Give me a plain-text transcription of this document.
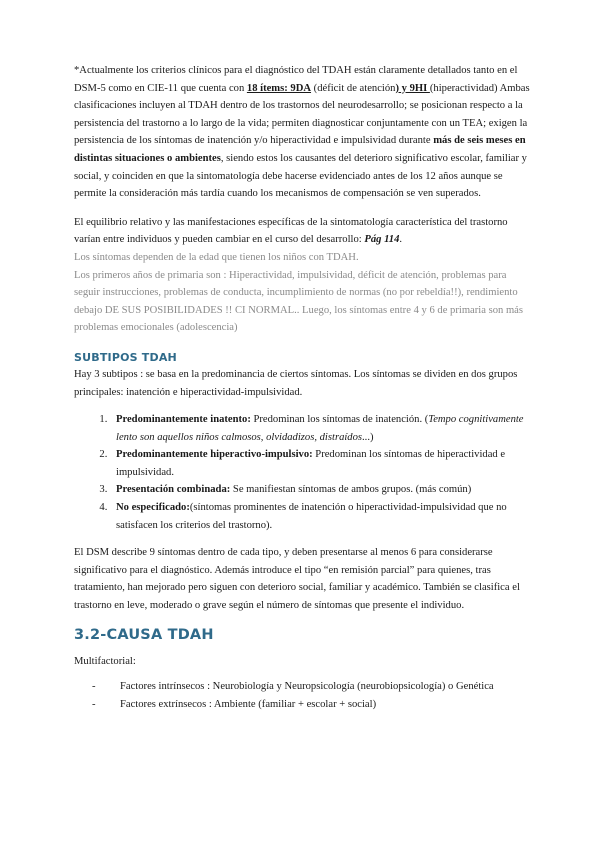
*Actualmente los criterios clínicos para el diagnóstico del TDAH están claramente detallados tanto en el DSM-5 como en CIE-11 que cuenta con 18 ítems: 9DA (déficit de atención) y 9HI (hiperactividad) Ambas clasificaciones incluyen al TDAH dentro de los trastornos del neurodesarrollo; se posicionan respecto a la persistencia del trastorno a lo largo de la vida; permiten diagnosticar conjuntamente con un TEA; exigen la persistencia de los síntomas de inatención y/o hiperactividad e impulsividad durante más de seis meses en distintas situaciones o ambientes, siendo estos los causantes del deterioro significativo escolar, familiar y social, y coinciden en que la sintomatología debe hacerse evidenciado antes de los 12 años aunque se permite la consideración más tardía cuando los mecanismos de compensación se ven superados.

El equilibrio relativo y las manifestaciones específicas de la sintomatología característica del trastorno varían entre individuos y pueden cambiar en el curso del desarrollo: Pág 114.

Los síntomas dependen de la edad que tienen los niños con TDAH.

Los primeros años de primaria son : Hiperactividad, impulsividad, déficit de atención, problemas para seguir instrucciones, problemas de conducta, incumplimiento de normas (no por rebeldía!!), rendimiento debajo DE SUS POSIBILIDADES !! CI NORMAL.. Luego, los síntomas entre 4 y 6 de primaria son más problemas emocionales (adolescencia)

SUBTIPOS TDAH

Hay 3 subtipos : se basa en la predominancia de ciertos síntomas. Los síntomas se dividen en dos grupos principales: inatención e hiperactividad-impulsividad.

1. Predominantemente inatento: Predominan los síntomas de inatención. (Tempo cognitivamente lento son aquellos niños calmosos, olvidadizos, distraídos...)
2. Predominantemente hiperactivo-impulsivo: Predominan los síntomas de hiperactividad e impulsividad.
3. Presentación combinada: Se manifiestan síntomas de ambos grupos. (más común)
4. No especificado:(síntomas prominentes de inatención o hiperactividad-impulsividad que no satisfacen los criterios del trastorno).

El DSM describe 9 síntomas dentro de cada tipo, y deben presentarse al menos 6 para considerarse significativo para el diagnóstico. Además introduce el tipo “en remisión parcial” para quienes, tras tratamiento, han mejorado pero siguen con deterioro social, familiar y académico. También se clasifica el trastorno en leve, moderado o grave según el número de síntomas que presente el individuo.

3.2-CAUSA TDAH

Multifactorial:

- Factores intrínsecos : Neurobiología y Neuropsicología (neurobiopsicología) o Genética
- Factores extrínsecos : Ambiente (familiar + escolar + social)
